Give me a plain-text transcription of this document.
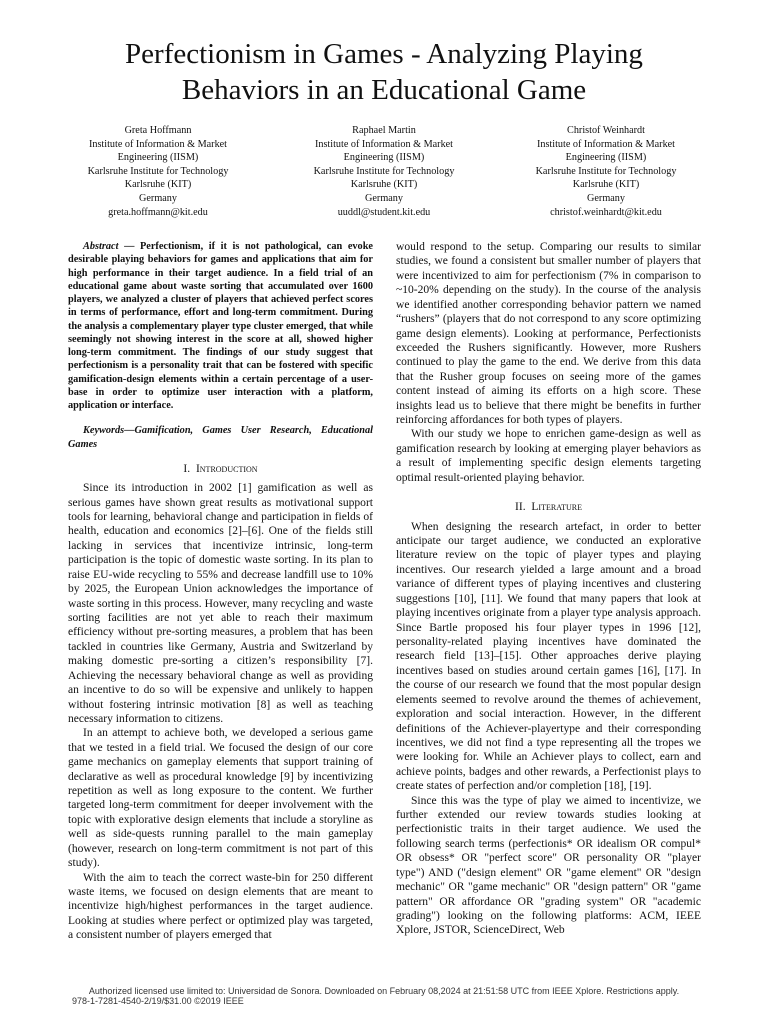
Perfectionism in Games - Analyzing Playing
Behaviors in an Educational Game
Greta Hoffmann
Institute of Information & Market
Engineering (IISM)
Karlsruhe Institute for Technology
Karlsruhe (KIT)
Germany
greta.hoffmann@kit.edu
Raphael Martin
Institute of Information & Market
Engineering (IISM)
Karlsruhe Institute for Technology
Karlsruhe (KIT)
Germany
uuddl@student.kit.edu
Christof Weinhardt
Institute of Information & Market
Engineering (IISM)
Karlsruhe Institute for Technology
Karlsruhe (KIT)
Germany
christof.weinhardt@kit.edu

Abstract — Perfectionism, if it is not pathological, can evoke desirable playing behaviors for games and applications that aim for high performance in their target audience. In a field trial of an educational game about waste sorting that accumulated over 1600 players, we analyzed a cluster of players that achieved perfect scores in terms of performance, effort and long-term commitment. During the analysis a complementary player type cluster emerged, that while seemingly not showing interest in the score at all, showed higher long-term commitment. The findings of our study suggest that perfectionism is a personality trait that can be fostered with specific gamification-design elements within a certain percentage of a user-base in order to optimize user interaction with a platform, application or interface.

Keywords—Gamification, Games User Research, Educational Games

I. Introduction

Since its introduction in 2002 [1] gamification as well as serious games have shown great results as motivational support tools for learning, behavioral change and participation in fields of health, education and economics [2]–[6]. One of the fields still lacking in services that incentivize intrinsic, long-term participation is the topic of domestic waste sorting. In its plan to raise EU-wide recycling to 55% and decrease landfill use to 10% by 2025, the European Union acknowledges the importance of waste sorting in this process. However, many recycling and waste sorting facilities are not yet able to reach their maximum efficiency without pre-sorting measures, a problem that has been tackled in countries like Germany, Austria and Switzerland by making domestic pre-sorting a citizen’s responsibility [7]. Achieving the necessary behavioral change as well as providing an incentive to do so will be expensive and unlikely to happen without fostering intrinsic motivation [8] as well as teaching necessary information to citizens.

In an attempt to achieve both, we developed a serious game that we tested in a field trial. We focused the design of our core game mechanics on gameplay elements that support training of declarative as well as procedural knowledge [9] by incentivizing repetition as well as long exposure to the content. We further targeted long-term commitment for deeper involvement with the topic with explorative design elements that include a storyline as well as side-quests running parallel to the main gameplay (however, research on long-term commitment is not part of this study).

With the aim to teach the correct waste-bin for 250 different waste items, we focused on design elements that are meant to incentivize high/highest performances in the target audience. Looking at studies where perfect or optimized play was targeted, a consistent number of players emerged that

would respond to the setup. Comparing our results to similar studies, we found a consistent but smaller number of players that were incentivized to aim for perfectionism (7% in comparison to ~10-20% depending on the study). In the course of the analysis we identified another corresponding behavior pattern we named “rushers” (players that do not correspond to any score optimizing game design elements). Looking at performance, Perfectionists exceeded the Rushers significantly. However, more Rushers continued to play the game to the end. We derive from this data that the Rusher group focuses on seeing more of the games content instead of aiming its efforts on a high score. These insights lead us to believe that there might be benefits in further reinforcing affordances for both types of players.

With our study we hope to enrichen game-design as well as gamification research by looking at emerging player behaviors as a result of implementing specific design elements targeting optimal result-oriented playing behavior.

II. Literature

When designing the research artefact, in order to better anticipate our target audience, we conducted an explorative literature review on the topic of player types and playing incentives. Our research yielded a large amount and a broad variance of different types of playing incentives and clustering suggestions [10], [11]. We found that many papers that look at playing incentives originate from a player type analysis approach. Since Bartle proposed his four player types in 1996 [12], personality-related playing incentives have dominated the research field [13]–[15]. Other approaches derive playing incentives based on studies around certain games [16], [17]. In the course of our research we found that the most popular design elements seemed to revolve around the themes of achievement, exploration and social interaction. However, in the different definitions of the Achiever-playertype and their corresponding incentives, we did not find a type representing all the tropes we were looking for. While an Achiever plays to collect, earn and achieve points, badges and other rewards, a Perfectionist plays to create states of perfection and/or completion [18], [19].

Since this was the type of play we aimed to incentivize, we further extended our review towards studies looking at perfectionistic traits in their target audience. We used the following search terms (perfectionis* OR idealism OR compul* OR obsess* OR "perfect score" OR personality OR "player type") AND ("design element" OR "game element" OR "design mechanic" OR "game mechanic" OR "design pattern" OR "game pattern" OR affordance OR "grading system" OR "academic grading") looking on the following platforms: ACM, IEEE Xplore, JSTOR, ScienceDirect, Web

Authorized licensed use limited to: Universidad de Sonora. Downloaded on February 08,2024 at 21:51:58 UTC from IEEE Xplore. Restrictions apply.
978-1-7281-4540-2/19/$31.00 ©2019 IEEE
